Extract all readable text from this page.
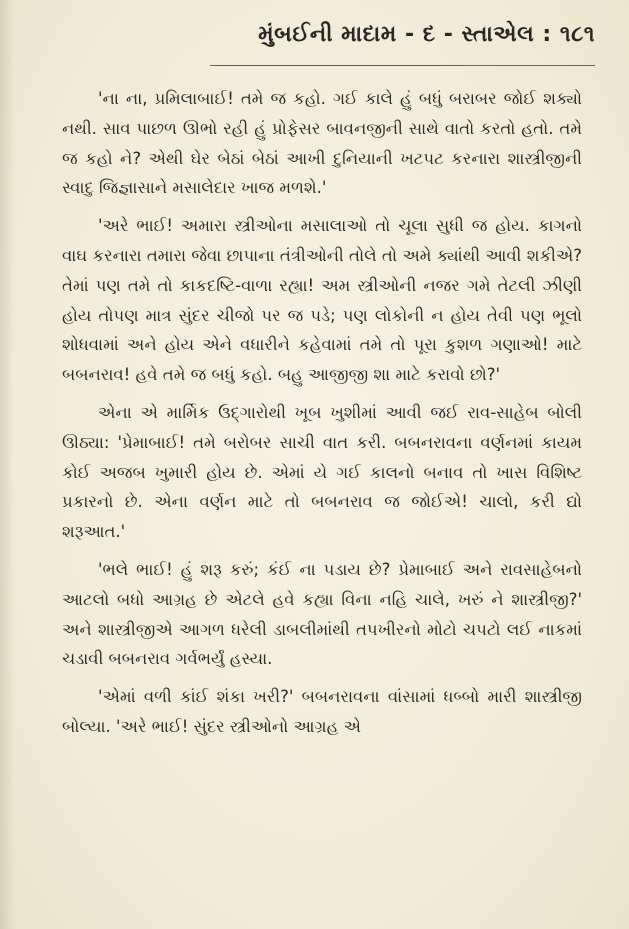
મુંબઈની માદામ - દ - સ્તાએલ : ૧૮૧

'ના ના, પ્રમિલાબાઈ! તમે જ કહો. ગઈ કાલે હું બધું બરાબર જોઈ શક્યો નથી. સાવ પાછળ ઊભો રહી હું પ્રોફેસર બાવનજીની સાથે વાતો કરતો હતો. તમે જ કહો ને? એથી ઘેર બેઠાં બેઠાં આખી દુનિયાની ખટપટ કરનારા શાસ્ત્રીજીની સ્વાદુ જિજ્ઞાસાને મસાલેદાર ખાજ મળશે.'

'અરે ભાઈ! અમારા સ્ત્રીઓના મસાલાઓ તો ચૂલા સુધી જ હોય. કાગનો વાઘ કરનારા તમારા જેવા છાપાના તંત્રીઓની તોલે તો અમે ક્યાંથી આવી શકીએ? તેમાં પણ તમે તો કાકદષ્ટિ-વાળા રહ્યા! અમ સ્ત્રીઓની નજર ગમે તેટલી ઝીણી હોય તોપણ માત્ર સુંદર ચીજો પર જ પડે; પણ લોકોની ન હોય તેવી પણ ભૂલો શોધવામાં અને હોય એને વધારીને કહેવામાં તમે તો પૂરા કુશળ ગણાઓ! માટે બબનરાવ! હવે તમે જ બધું કહો. બહુ આજીજી શા માટે કરાવો છો?'

એના એ માર્મિક ઉદ્ગારોથી ખૂબ ખુશીમાં આવી જઈ રાવ-સાહેબ બોલી ઊઠ્યા: 'પ્રેમાબાઈ! તમે બરોબર સાચી વાત કરી. બબનરાવના વર્ણનમાં કાયમ કોઈ અજબ ખુમારી હોય છે. એમાં યે ગઈ કાલનો બનાવ તો ખાસ વિશિષ્ટ પ્રકારનો છે. એના વર્ણન માટે તો બબનરાવ જ જોઈએ! ચાલો, કરી દ્યો શરૂઆત.'

'ભલે ભાઈ! હું શરૂ કરું; કંઈ ના પડાય છે? પ્રેમાબાઈ અને રાવસાહેબનો આટલો બધો આગ્રહ છે એટલે હવે કહ્યા વિના નહિ ચાલે, ખરું ને શાસ્ત્રીજી?' અને શાસ્ત્રીજીએ આગળ ધરેલી ડાબલીમાંથી તપખીરનો મોટો ચપટો લઈ નાકમાં ચડાવી બબનરાવ ગર્વભર્યું હસ્યા.

'એમાં વળી કાંઈ શંકા ખરી?' બબનરાવના વાંસામાં ધબ્બો મારી શાસ્ત્રીજી બોલ્યા. 'અરે ભાઈ! સુંદર સ્ત્રીઓનો આગ્રહ એ
